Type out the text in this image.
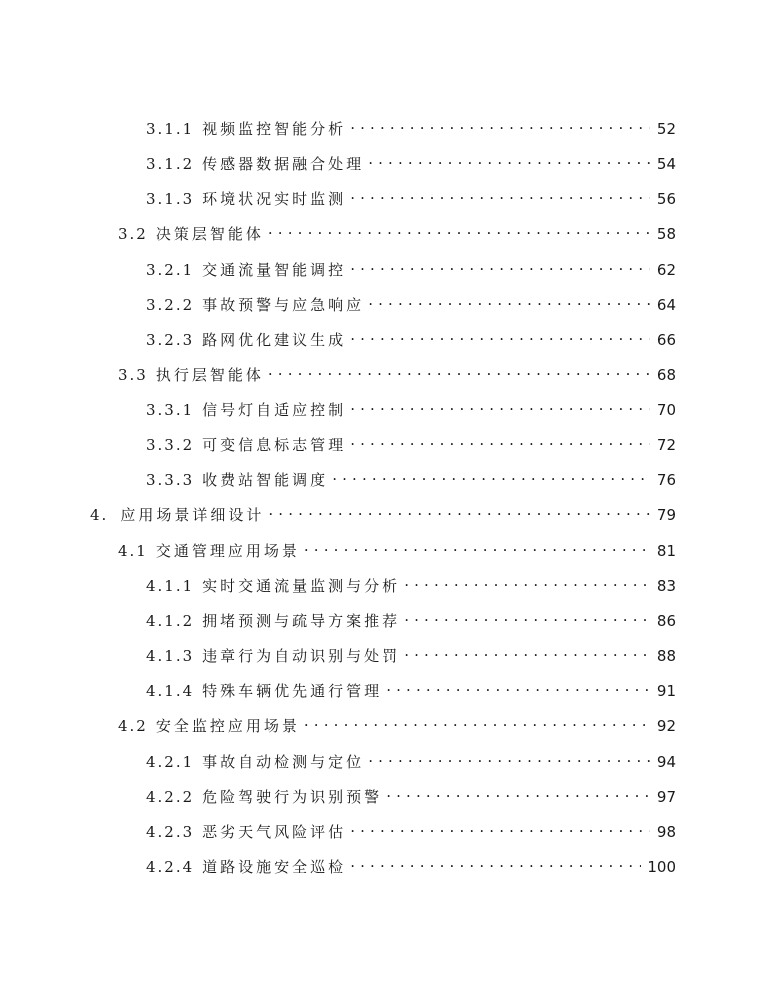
3.1.1 视频监控智能分析 . . .	52
3.1.2 传感器数据融合处理 . . .	54
3.1.3 环境状况实时监测 . . .	56
3.2 决策层智能体 . . .	58
3.2.1 交通流量智能调控 . . .	62
3.2.2 事故预警与应急响应 . . .	64
3.2.3 路网优化建议生成 . . .	66
3.3 执行层智能体 . . .	68
3.3.1 信号灯自适应控制 . . .	70
3.3.2 可变信息标志管理 . . .	72
3.3.3 收费站智能调度 . . .	76
4. 应用场景详细设计 . . .	79
4.1 交通管理应用场景 . . .	81
4.1.1 实时交通流量监测与分析 . . .	83
4.1.2 拥堵预测与疏导方案推荐 . . .	86
4.1.3 违章行为自动识别与处罚 . . .	88
4.1.4 特殊车辆优先通行管理 . . .	91
4.2 安全监控应用场景 . . .	92
4.2.1 事故自动检测与定位 . . .	94
4.2.2 危险驾驶行为识别预警 . . .	97
4.2.3 恶劣天气风险评估 . . .	98
4.2.4 道路设施安全巡检 . . .	100
